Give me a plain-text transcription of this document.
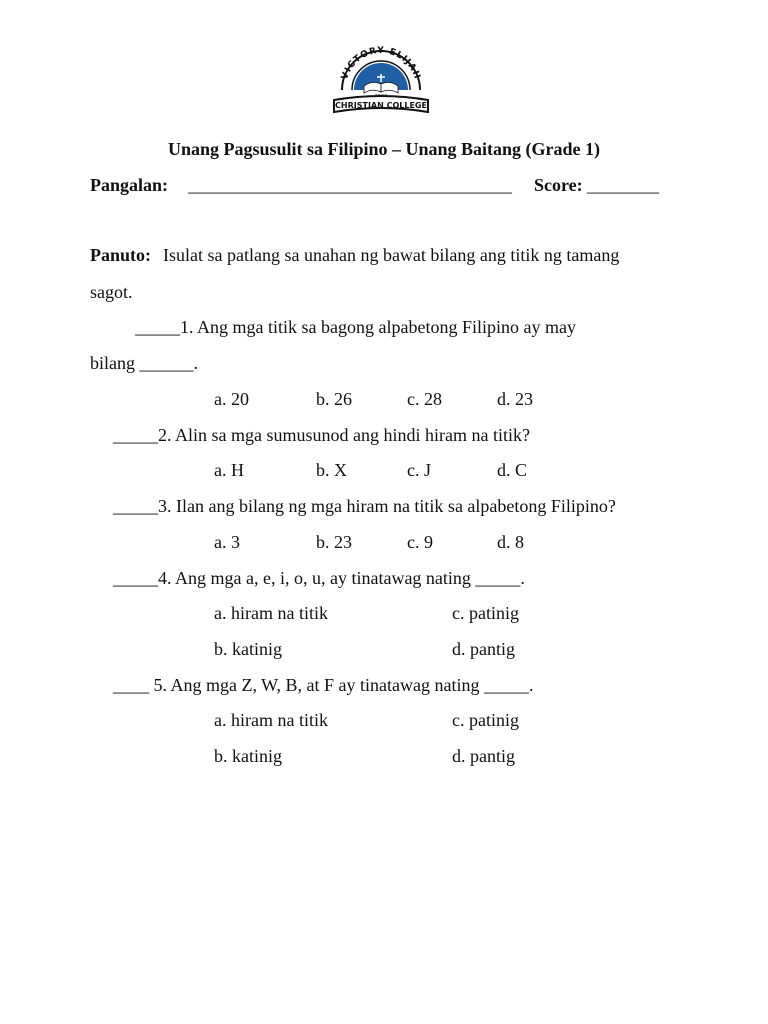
VICTORY ELIJAH
CHRISTIAN COLLEGE
Unang Pagsusulit sa Filipino – Unang Baitang (Grade 1)
Pangalan: ____________________________________ Score: ________
Panuto: Isulat sa patlang sa unahan ng bawat bilang ang titik ng tamang
sagot.
_____1. Ang mga titik sa bagong alpabetong Filipino ay may
bilang ______.
a. 20	b. 26	c. 28	d. 23
_____2. Alin sa mga sumusunod ang hindi hiram na titik?
a. H	b. X	c. J	d. C
_____3. Ilan ang bilang ng mga hiram na titik sa alpabetong Filipino?
a. 3	b. 23	c. 9	d. 8
_____4. Ang mga a, e, i, o, u, ay tinatawag nating _____.
a. hiram na titik	c. patinig
b. katinig	d. pantig
____ 5. Ang mga Z, W, B, at F ay tinatawag nating _____.
a. hiram na titik	c. patinig
b. katinig	d. pantig
